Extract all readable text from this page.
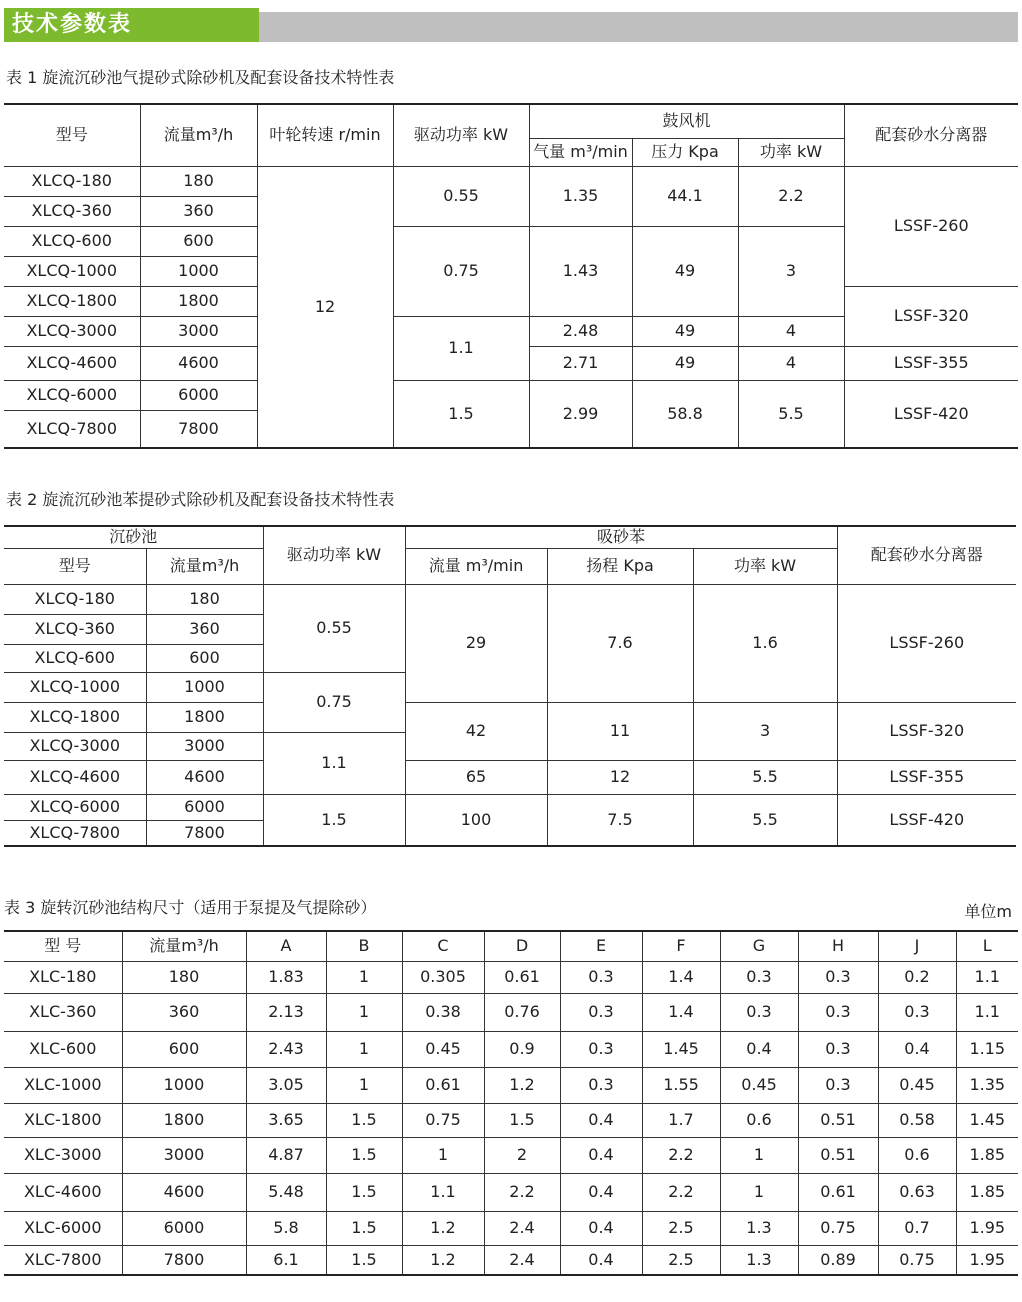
技术参数表
表 1 旋流沉砂池气提砂式除砂机及配套设备技术特性表
型号	流量m³/h	叶轮转速 r/min	驱动功率 kW	鼓风机			配套砂水分离器
				气量 m³/min	压力 Kpa	功率 kW	
XLCQ-180	180	12	0.55	1.35	44.1	2.2	LSSF-260
XLCQ-360	360						
XLCQ-600	600		0.75	1.43	49	3	
XLCQ-1000	1000						
XLCQ-1800	1800						LSSF-320
XLCQ-3000	3000		1.1	2.48	49	4	
XLCQ-4600	4600			2.71	49	4	LSSF-355
XLCQ-6000	6000		1.5	2.99	58.8	5.5	LSSF-420
XLCQ-7800	7800						
表 2 旋流沉砂池苯提砂式除砂机及配套设备技术特性表
沉砂池		驱动功率 kW	吸砂苯			配套砂水分离器
型号	流量m³/h		流量 m³/min	扬程 Kpa	功率 kW	
XLCQ-180	180	0.55	29	7.6	1.6	LSSF-260
XLCQ-360	360					
XLCQ-600	600					
XLCQ-1000	1000	0.75				
XLCQ-1800	1800		42	11	3	LSSF-320
XLCQ-3000	3000	1.1				
XLCQ-4600	4600		65	12	5.5	LSSF-355
XLCQ-6000	6000	1.5	100	7.5	5.5	LSSF-420
XLCQ-7800	7800					
表 3 旋转沉砂池结构尺寸（适用于泵提及气提除砂）	单位m
型 号	流量m³/h	A	B	C	D	E	F	G	H	J	L
XLC-180	180	1.83	1	0.305	0.61	0.3	1.4	0.3	0.3	0.2	1.1
XLC-360	360	2.13	1	0.38	0.76	0.3	1.4	0.3	0.3	0.3	1.1
XLC-600	600	2.43	1	0.45	0.9	0.3	1.45	0.4	0.3	0.4	1.15
XLC-1000	1000	3.05	1	0.61	1.2	0.3	1.55	0.45	0.3	0.45	1.35
XLC-1800	1800	3.65	1.5	0.75	1.5	0.4	1.7	0.6	0.51	0.58	1.45
XLC-3000	3000	4.87	1.5	1	2	0.4	2.2	1	0.51	0.6	1.85
XLC-4600	4600	5.48	1.5	1.1	2.2	0.4	2.2	1	0.61	0.63	1.85
XLC-6000	6000	5.8	1.5	1.2	2.4	0.4	2.5	1.3	0.75	0.7	1.95
XLC-7800	7800	6.1	1.5	1.2	2.4	0.4	2.5	1.3	0.89	0.75	1.95
